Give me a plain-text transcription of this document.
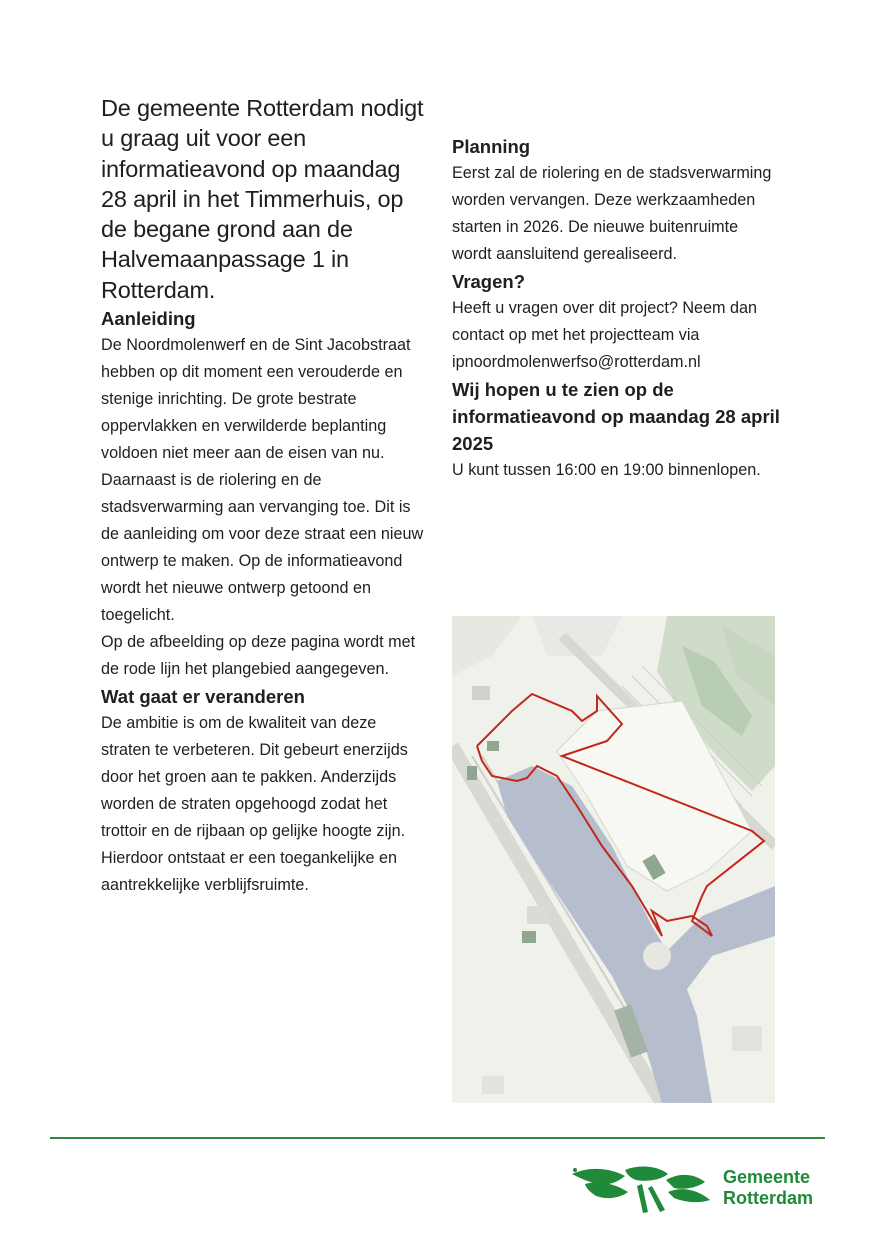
De gemeente Rotterdam nodigt u graag uit voor een informatieavond op maandag 28 april in het Timmerhuis, op de begane grond aan de Halvemaanpassage 1 in Rotterdam.

Aanleiding

De Noordmolenwerf en de Sint Jacobstraat hebben op dit moment een verouderde en stenige inrichting. De grote bestrate oppervlakken en verwilderde beplanting voldoen niet meer aan de eisen van nu. Daarnaast is de riolering en de stadsverwarming aan vervanging toe. Dit is de aanleiding om voor deze straat een nieuw ontwerp te maken. Op de informatieavond wordt het nieuwe ontwerp getoond en toegelicht.

Op de afbeelding op deze pagina wordt met de rode lijn het plangebied aangegeven.

Wat gaat er veranderen

De ambitie is om de kwaliteit van deze straten te verbeteren. Dit gebeurt enerzijds door het groen aan te pakken. Anderzijds worden de straten opgehoogd zodat het trottoir en de rijbaan op gelijke hoogte zijn. Hierdoor ontstaat er een toegankelijke en aantrekkelijke verblijfsruimte.

Planning

Eerst zal de riolering en de stadsverwarming worden vervangen. Deze werkzaamheden starten in 2026. De nieuwe buitenruimte wordt aansluitend gerealiseerd.

Vragen?

Heeft u vragen over dit project? Neem dan contact op met het projectteam via ipnoordmolenwerfso@rotterdam.nl

Wij hopen u te zien op de informatieavond op maandag 28 april 2025

U kunt tussen 16:00 en 19:00 binnenlopen.

Gemeente
Rotterdam
